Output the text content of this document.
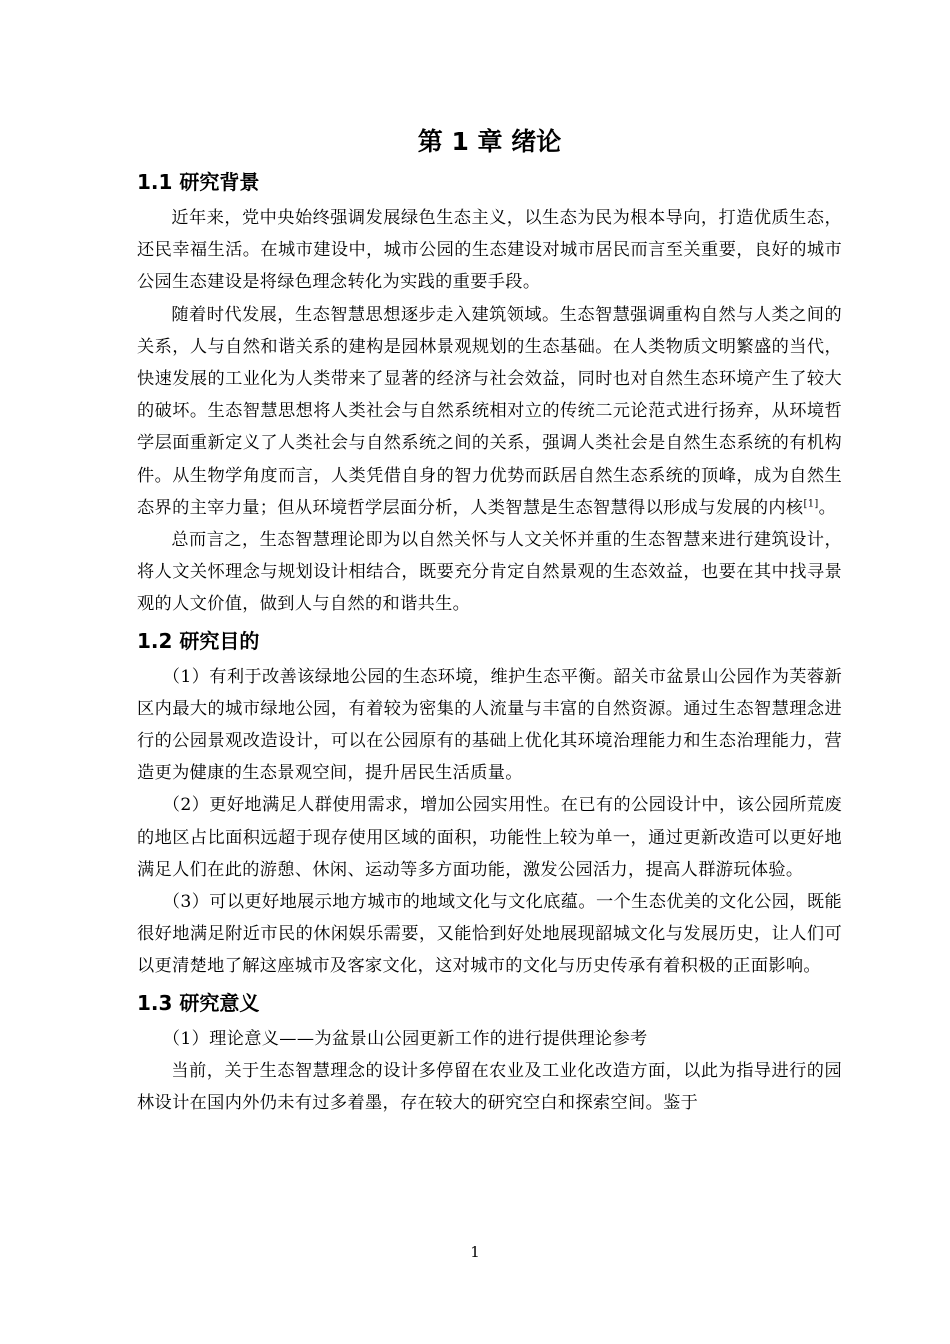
第 1 章 绪论
1.1 研究背景

近年来，党中央始终强调发展绿色生态主义，以生态为民为根本导向，打造优质生态，还民幸福生活。在城市建设中，城市公园的生态建设对城市居民而言至关重要，良好的城市公园生态建设是将绿色理念转化为实践的重要手段。

随着时代发展，生态智慧思想逐步走入建筑领域。生态智慧强调重构自然与人类之间的关系，人与自然和谐关系的建构是园林景观规划的生态基础。在人类物质文明繁盛的当代，快速发展的工业化为人类带来了显著的经济与社会效益，同时也对自然生态环境产生了较大的破坏。生态智慧思想将人类社会与自然系统相对立的传统二元论范式进行扬弃，从环境哲学层面重新定义了人类社会与自然系统之间的关系，强调人类社会是自然生态系统的有机构件。从生物学角度而言，人类凭借自身的智力优势而跃居自然生态系统的顶峰，成为自然生态界的主宰力量；但从环境哲学层面分析，人类智慧是生态智慧得以形成与发展的内核[1]。

总而言之，生态智慧理论即为以自然关怀与人文关怀并重的生态智慧来进行建筑设计，将人文关怀理念与规划设计相结合，既要充分肯定自然景观的生态效益，也要在其中找寻景观的人文价值，做到人与自然的和谐共生。

1.2 研究目的

（1）有利于改善该绿地公园的生态环境，维护生态平衡。韶关市盆景山公园作为芙蓉新区内最大的城市绿地公园，有着较为密集的人流量与丰富的自然资源。通过生态智慧理念进行的公园景观改造设计，可以在公园原有的基础上优化其环境治理能力和生态治理能力，营造更为健康的生态景观空间，提升居民生活质量。

（2）更好地满足人群使用需求，增加公园实用性。在已有的公园设计中，该公园所荒废的地区占比面积远超于现存使用区域的面积，功能性上较为单一，通过更新改造可以更好地满足人们在此的游憩、休闲、运动等多方面功能，激发公园活力，提高人群游玩体验。

（3）可以更好地展示地方城市的地域文化与文化底蕴。一个生态优美的文化公园，既能很好地满足附近市民的休闲娱乐需要，又能恰到好处地展现韶城文化与发展历史，让人们可以更清楚地了解这座城市及客家文化，这对城市的文化与历史传承有着积极的正面影响。

1.3 研究意义

（1）理论意义——为盆景山公园更新工作的进行提供理论参考

当前，关于生态智慧理念的设计多停留在农业及工业化改造方面，以此为指导进行的园林设计在国内外仍未有过多着墨，存在较大的研究空白和探索空间。鉴于

1
